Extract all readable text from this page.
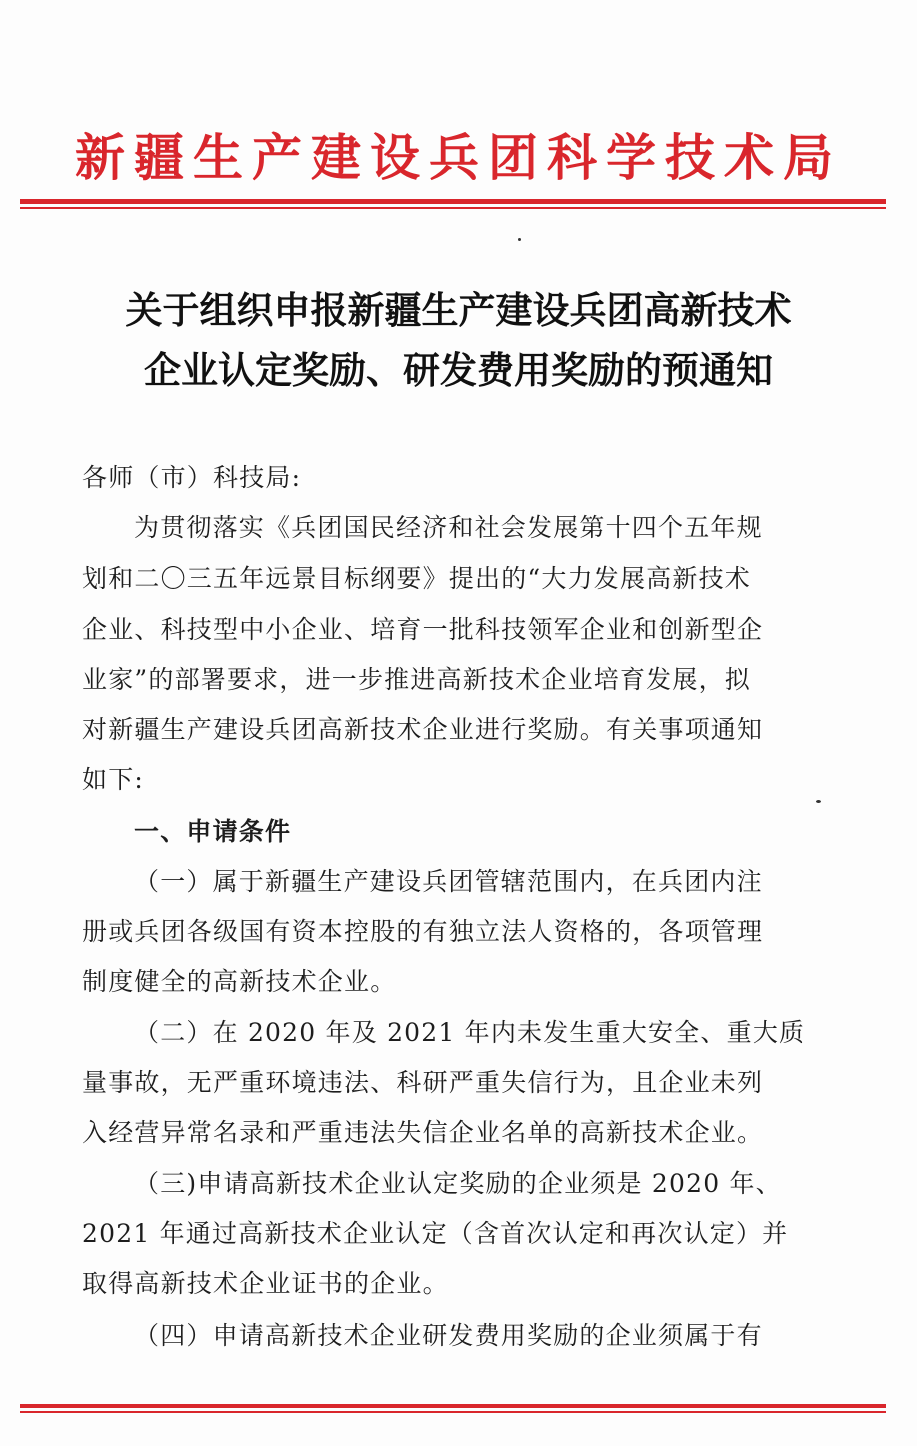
新疆生产建设兵团科学技术局
关于组织申报新疆生产建设兵团高新技术
企业认定奖励、研发费用奖励的预通知
各师（市）科技局:
为贯彻落实《兵团国民经济和社会发展第十四个五年规
划和二〇三五年远景目标纲要》提出的“大力发展高新技术
企业、科技型中小企业、培育一批科技领军企业和创新型企
业家”的部署要求，进一步推进高新技术企业培育发展，拟
对新疆生产建设兵团高新技术企业进行奖励。有关事项通知
如下:
一、申请条件
（一）属于新疆生产建设兵团管辖范围内，在兵团内注
册或兵团各级国有资本控股的有独立法人资格的，各项管理
制度健全的高新技术企业。
（二）在 2020 年及 2021 年内未发生重大安全、重大质
量事故，无严重环境违法、科研严重失信行为，且企业未列
入经营异常名录和严重违法失信企业名单的高新技术企业。
（三)申请高新技术企业认定奖励的企业须是 2020 年、
2021 年通过高新技术企业认定（含首次认定和再次认定）并
取得高新技术企业证书的企业。
（四）申请高新技术企业研发费用奖励的企业须属于有
